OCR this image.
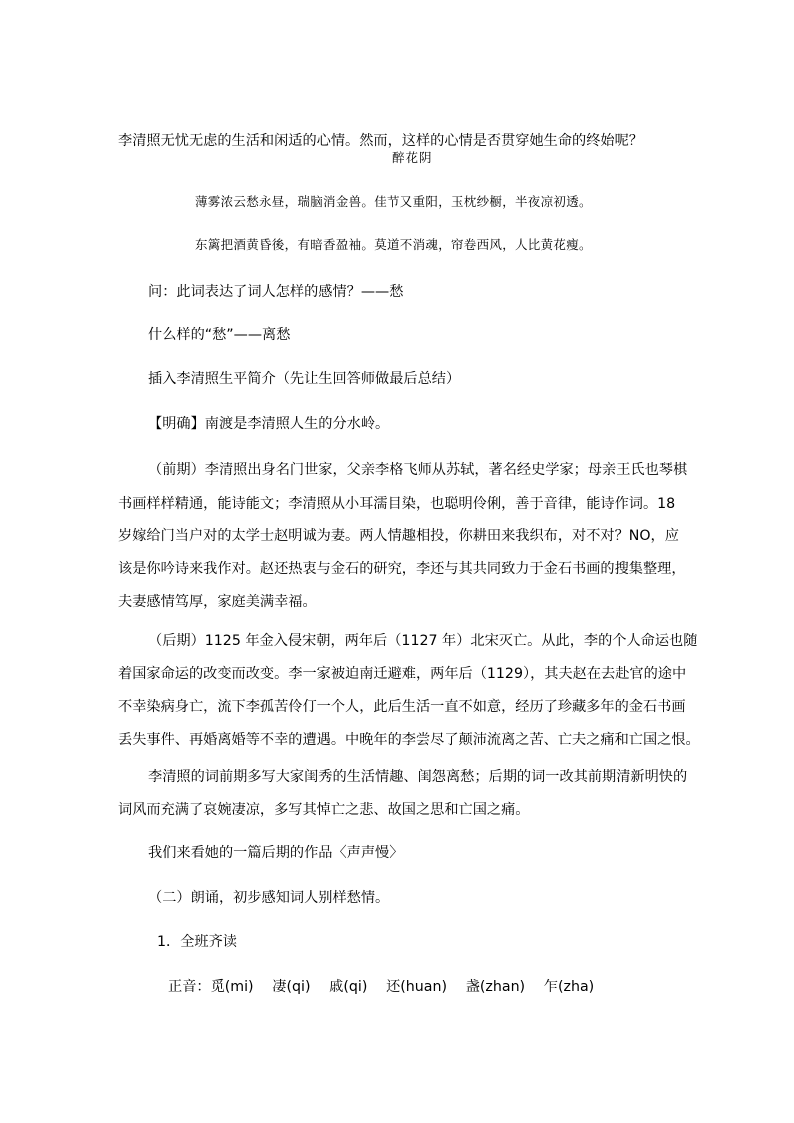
李清照无忧无虑的生活和闲适的心情。然而，这样的心情是否贯穿她生命的终始呢？
醉花阴
薄雾浓云愁永昼，瑞脑消金兽。佳节又重阳，玉枕纱橱，半夜凉初透。
东篱把酒黄昏後，有暗香盈袖。莫道不消魂，帘卷西风，人比黄花瘦。
问：此词表达了词人怎样的感情？——愁
什么样的“愁”——离愁
插入李清照生平简介（先让生回答师做最后总结）
【明确】南渡是李清照人生的分水岭。
（前期）李清照出身名门世家，父亲李格飞师从苏轼，著名经史学家；母亲王氏也琴棋
书画样样精通，能诗能文；李清照从小耳濡目染，也聪明伶俐，善于音律，能诗作词。18
岁嫁给门当户对的太学士赵明诚为妻。两人情趣相投，你耕田来我织布，对不对？NO，应
该是你吟诗来我作对。赵还热衷与金石的研究，李还与其共同致力于金石书画的搜集整理，
夫妻感情笃厚，家庭美满幸福。
（后期）1125 年金入侵宋朝，两年后（1127 年）北宋灭亡。从此，李的个人命运也随
着国家命运的改变而改变。李一家被迫南迁避难，两年后（1129），其夫赵在去赴官的途中
不幸染病身亡，流下李孤苦伶仃一个人，此后生活一直不如意，经历了珍藏多年的金石书画
丢失事件、再婚离婚等不幸的遭遇。中晚年的李尝尽了颠沛流离之苦、亡夫之痛和亡国之恨。
李清照的词前期多写大家闺秀的生活情趣、闺怨离愁；后期的词一改其前期清新明快的
词风而充满了哀婉凄凉，多写其悼亡之悲、故国之思和亡国之痛。
我们来看她的一篇后期的作品〈声声慢〉
（二）朗诵，初步感知词人别样愁情。
1．全班齐读
正音：觅(mi)　 凄(qi)　 戚(qi)　 还(huan)　 盏(zhan)　 乍(zha)
